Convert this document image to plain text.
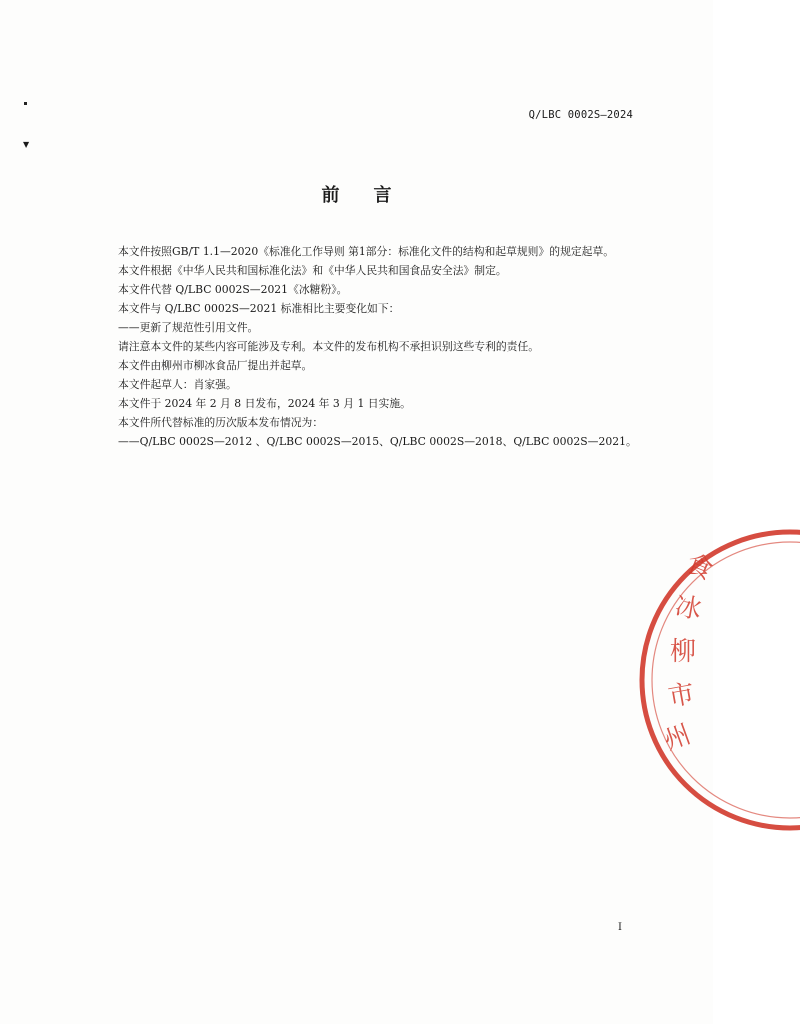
▼
Q/LBC 0002S—2024
前 言

本文件按照GB/T 1.1—2020《标准化工作导则 第1部分：标准化文件的结构和起草规则》的规定起草。

本文件根据《中华人民共和国标准化法》和《中华人民共和国食品安全法》制定。

本文件代替 Q/LBC 0002S—2021《冰糖粉》。

本文件与 Q/LBC 0002S—2021 标准相比主要变化如下：

——更新了规范性引用文件。

请注意本文件的某些内容可能涉及专利。本文件的发布机构不承担识别这些专利的责任。

本文件由柳州市柳冰食品厂提出并起草。

本文件起草人：肖家强。

本文件于 2024 年 2 月 8 日发布，2024 年 3 月 1 日实施。

本文件所代替标准的历次版本发布情况为：

——Q/LBC 0002S—2012 、Q/LBC 0002S—2015、Q/LBC 0002S—2018、Q/LBC 0002S—2021。

州
市
柳
冰
食
I
